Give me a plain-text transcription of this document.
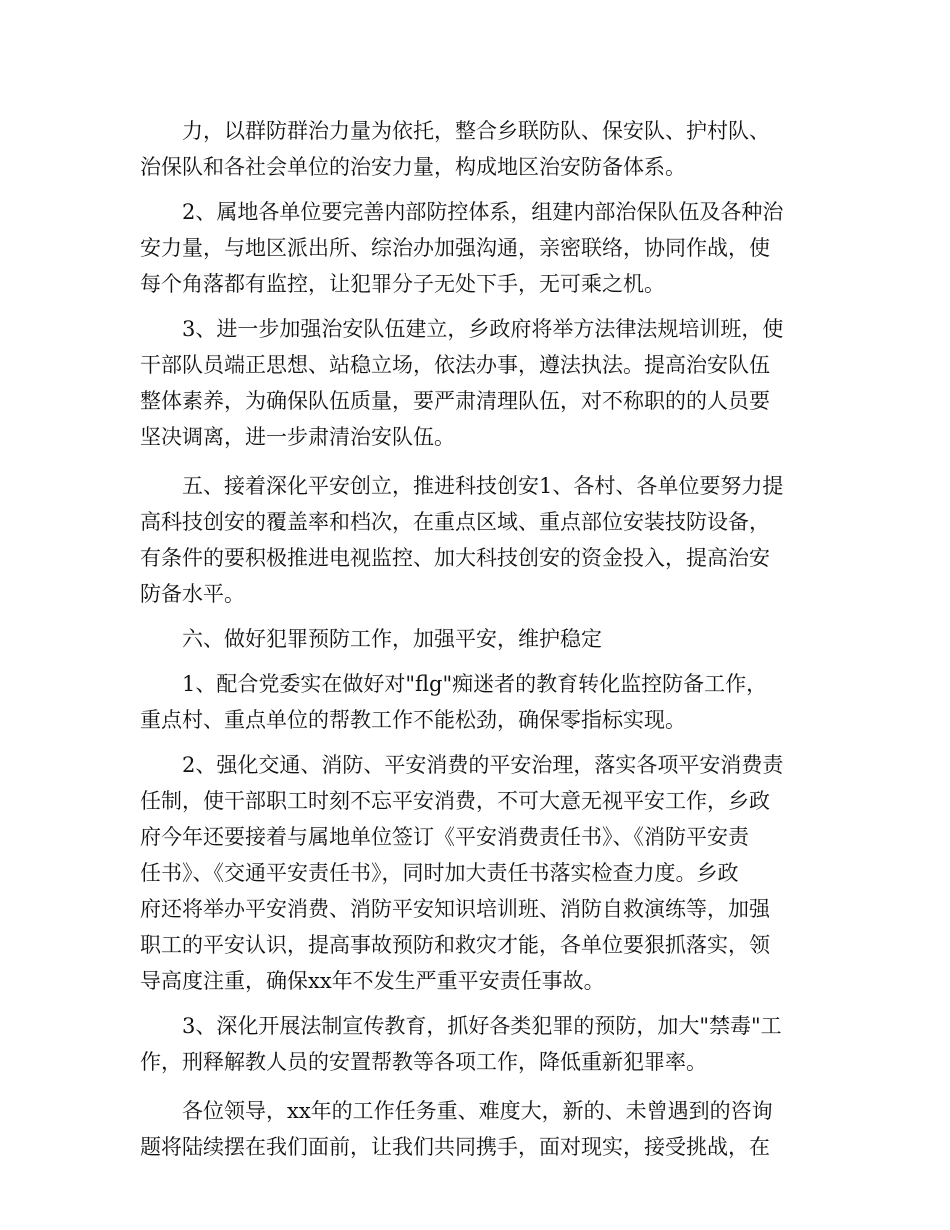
力，以群防群治力量为依托，整合乡联防队、保安队、护村队、
治保队和各社会单位的治安力量，构成地区治安防备体系。
2、属地各单位要完善内部防控体系，组建内部治保队伍及各种治
安力量，与地区派出所、综治办加强沟通，亲密联络，协同作战，使
每个角落都有监控，让犯罪分子无处下手，无可乘之机。
3、进一步加强治安队伍建立，乡政府将举方法律法规培训班，使
干部队员端正思想、站稳立场，依法办事，遵法执法。提高治安队伍
整体素养，为确保队伍质量，要严肃清理队伍，对不称职的的人员要
坚决调离，进一步肃清治安队伍。
五、接着深化平安创立，推进科技创安1、各村、各单位要努力提
高科技创安的覆盖率和档次，在重点区域、重点部位安装技防设备，
有条件的要积极推进电视监控、加大科技创安的资金投入，提高治安
防备水平。
六、做好犯罪预防工作，加强平安，维护稳定
1、配合党委实在做好对"flg"痴迷者的教育转化监控防备工作，
重点村、重点单位的帮教工作不能松劲，确保零指标实现。
2、强化交通、消防、平安消费的平安治理，落实各项平安消费责
任制，使干部职工时刻不忘平安消费，不可大意无视平安工作，乡政
府今年还要接着与属地单位签订《平安消费责任书》、《消防平安责
任书》、《交通平安责任书》，同时加大责任书落实检查力度。乡政
府还将举办平安消费、消防平安知识培训班、消防自救演练等，加强
职工的平安认识，提高事故预防和救灾才能，各单位要狠抓落实，领
导高度注重，确保xx年不发生严重平安责任事故。
3、深化开展法制宣传教育，抓好各类犯罪的预防，加大"禁毒"工
作，刑释解教人员的安置帮教等各项工作，降低重新犯罪率。
各位领导，xx年的工作任务重、难度大，新的、未曾遇到的咨询
题将陆续摆在我们面前，让我们共同携手，面对现实，接受挑战，在
